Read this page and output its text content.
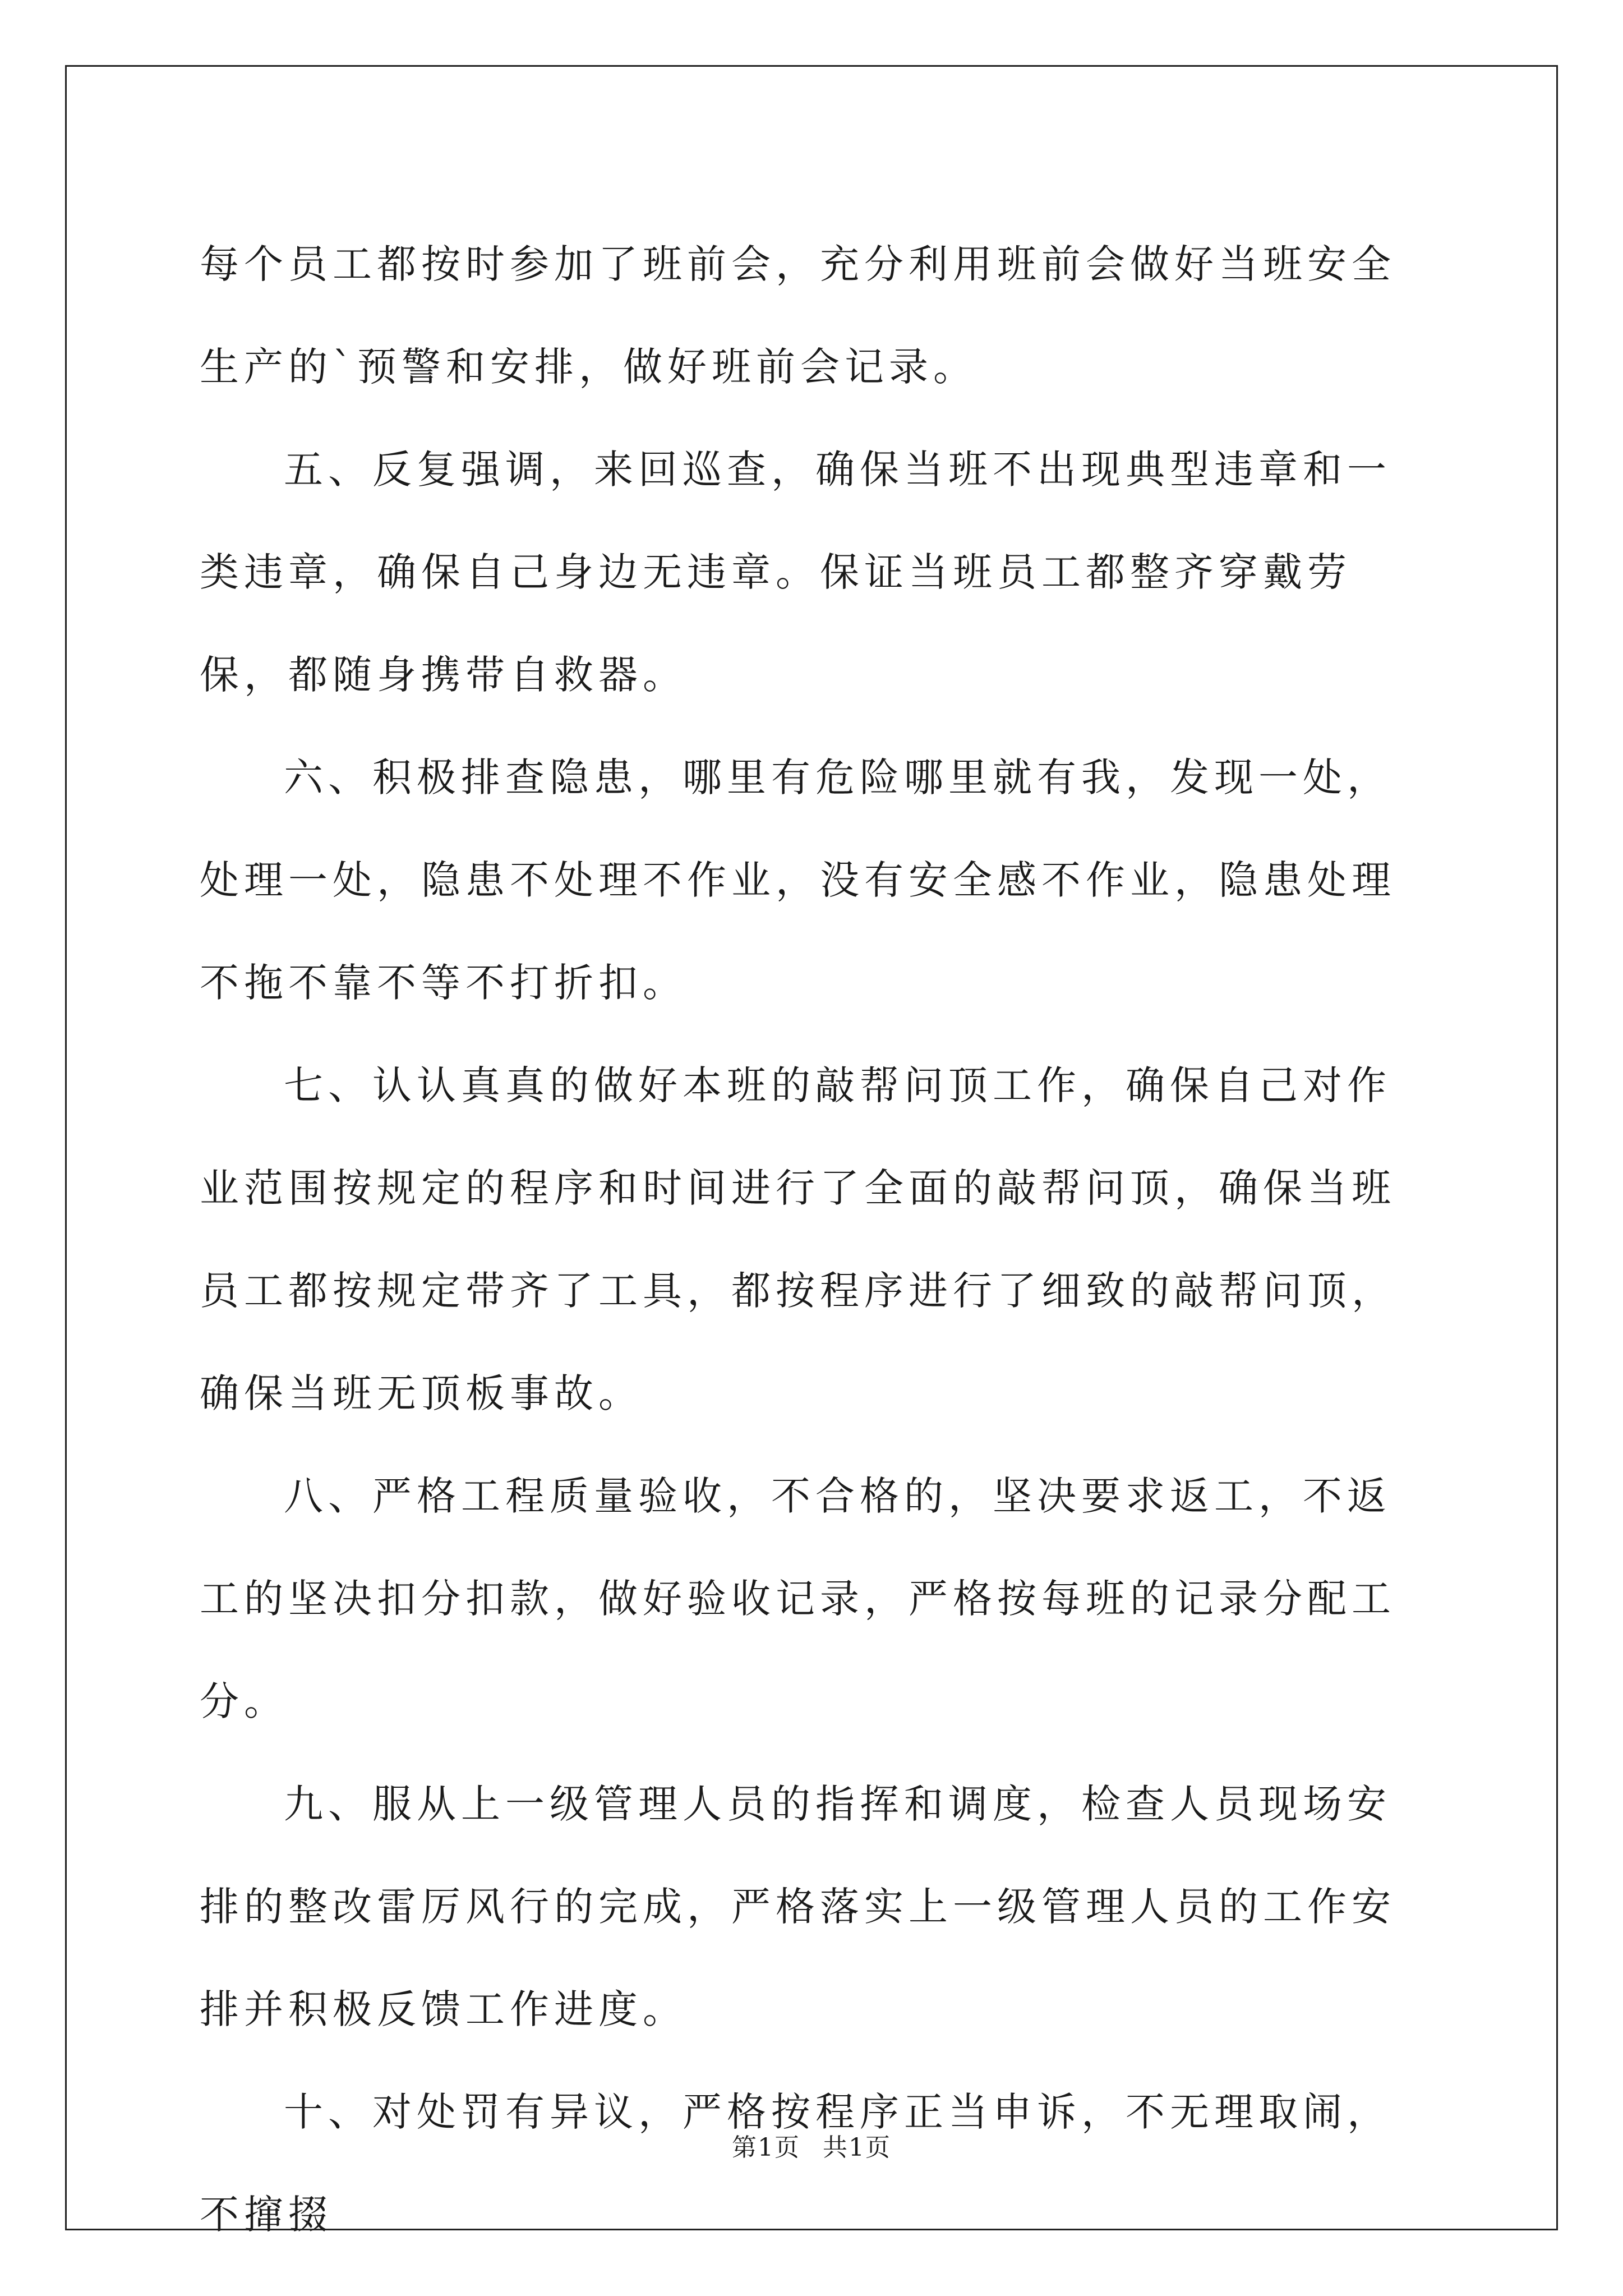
每个员工都按时参加了班前会，充分利用班前会做好当班安全生产的`预警和安排，做好班前会记录。

五、反复强调，来回巡查，确保当班不出现典型违章和一类违章，确保自己身边无违章。保证当班员工都整齐穿戴劳保，都随身携带自救器。

六、积极排查隐患，哪里有危险哪里就有我，发现一处，处理一处，隐患不处理不作业，没有安全感不作业，隐患处理不拖不靠不等不打折扣。

七、认认真真的做好本班的敲帮问顶工作，确保自己对作业范围按规定的程序和时间进行了全面的敲帮问顶，确保当班员工都按规定带齐了工具，都按程序进行了细致的敲帮问顶，确保当班无顶板事故。

八、严格工程质量验收，不合格的，坚决要求返工，不返工的坚决扣分扣款，做好验收记录，严格按每班的记录分配工分。

九、服从上一级管理人员的指挥和调度，检查人员现场安排的整改雷厉风行的完成，严格落实上一级管理人员的工作安排并积极反馈工作进度。

十、对处罚有异议，严格按程序正当申诉，不无理取闹，不撺掇

第1页 共1页
